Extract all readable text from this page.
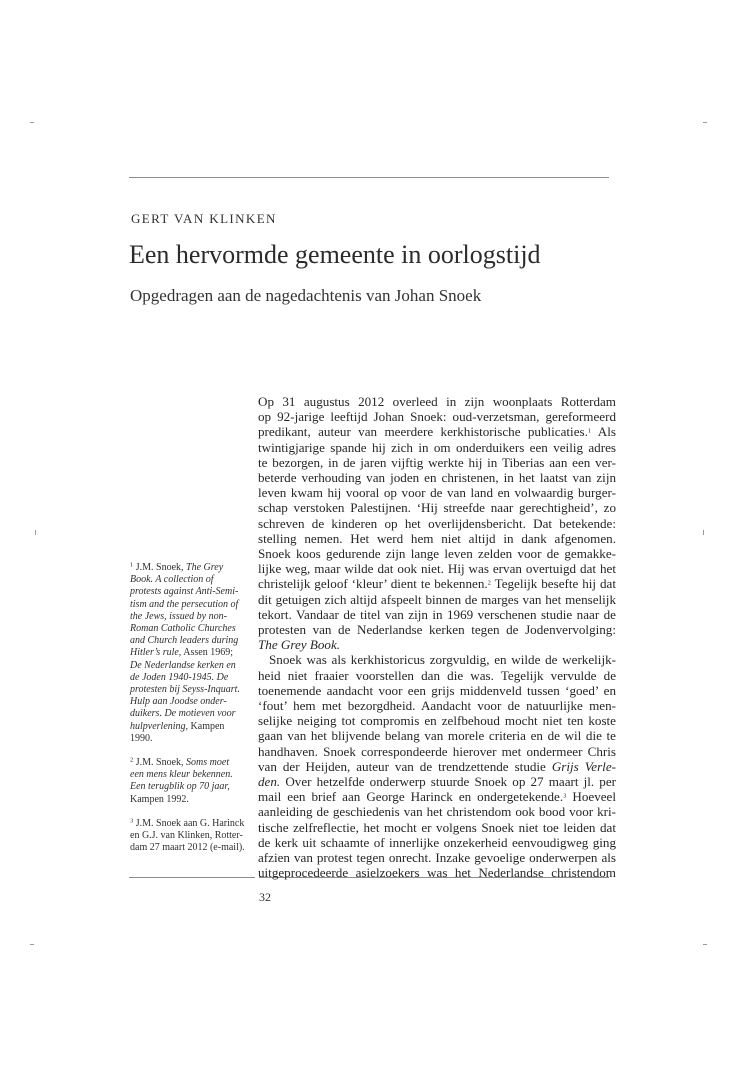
GERT VAN KLINKEN
Een hervormde gemeente in oorlogstijd
Opgedragen aan de nagedachtenis van Johan Snoek
Op 31 augustus 2012 overleed in zijn woonplaats Rotterdam
op 92-jarige leeftijd Johan Snoek: oud-verzetsman, gereformeerd
predikant, auteur van meerdere kerkhistorische publicaties.$^1$ Als
twintigjarige spande hij zich in om onderduikers een veilig adres
te bezorgen, in de jaren vijftig werkte hij in Tiberias aan een ver-
beterde verhouding van joden en christenen, in het laatst van zijn
leven kwam hij vooral op voor de van land en volwaardig burger-
schap verstoken Palestijnen. ‘Hij streefde naar gerechtigheid’, zo
schreven de kinderen op het overlijdensbericht. Dat betekende:
stelling nemen. Het werd hem niet altijd in dank afgenomen.
Snoek koos gedurende zijn lange leven zelden voor de gemakke-
lijke weg, maar wilde dat ook niet. Hij was ervan overtuigd dat het
christelijk geloof ‘kleur’ dient te bekennen.$^2$ Tegelijk besefte hij dat
dit getuigen zich altijd afspeelt binnen de marges van het menselijk
tekort. Vandaar de titel van zijn in 1969 verschenen studie naar de
protesten van de Nederlandse kerken tegen de Jodenvervolging:
The Grey Book.
Snoek was als kerkhistoricus zorgvuldig, en wilde de werkelijk-
heid niet fraaier voorstellen dan die was. Tegelijk vervulde de
toenemende aandacht voor een grijs middenveld tussen ‘goed’ en
‘fout’ hem met bezorgdheid. Aandacht voor de natuurlijke men-
selijke neiging tot compromis en zelfbehoud mocht niet ten koste
gaan van het blijvende belang van morele criteria en de wil die te
handhaven. Snoek correspondeerde hierover met ondermeer Chris
van der Heijden, auteur van de trendzettende studie Grijs Verle-
den. Over hetzelfde onderwerp stuurde Snoek op 27 maart jl. per
mail een brief aan George Harinck en ondergetekende.$^3$ Hoeveel
aanleiding de geschiedenis van het christendom ook bood voor kri-
tische zelfreflectie, het mocht er volgens Snoek niet toe leiden dat
de kerk uit schaamte of innerlijke onzekerheid eenvoudigweg ging
afzien van protest tegen onrecht. Inzake gevoelige onderwerpen als
uitgeprocedeerde asielzoekers was het Nederlandse christendom
$^1$ J.M. Snoek, The Grey
Book. A collection of
protests against Anti-Semi-
tism and the persecution of
the Jews, issued by non-
Roman Catholic Churches
and Church leaders during
Hitler’s rule, Assen 1969;
De Nederlandse kerken en
de Joden 1940-1945. De
protesten bij Seyss-Inquart.
Hulp aan Joodse onder-
duikers. De motieven voor
hulpverlening, Kampen
1990.
$^2$ J.M. Snoek, Soms moet
een mens kleur bekennen.
Een terugblik op 70 jaar,
Kampen 1992.
$^3$ J.M. Snoek aan G. Harinck
en G.J. van Klinken, Rotter-
dam 27 maart 2012 (e-mail).
32
